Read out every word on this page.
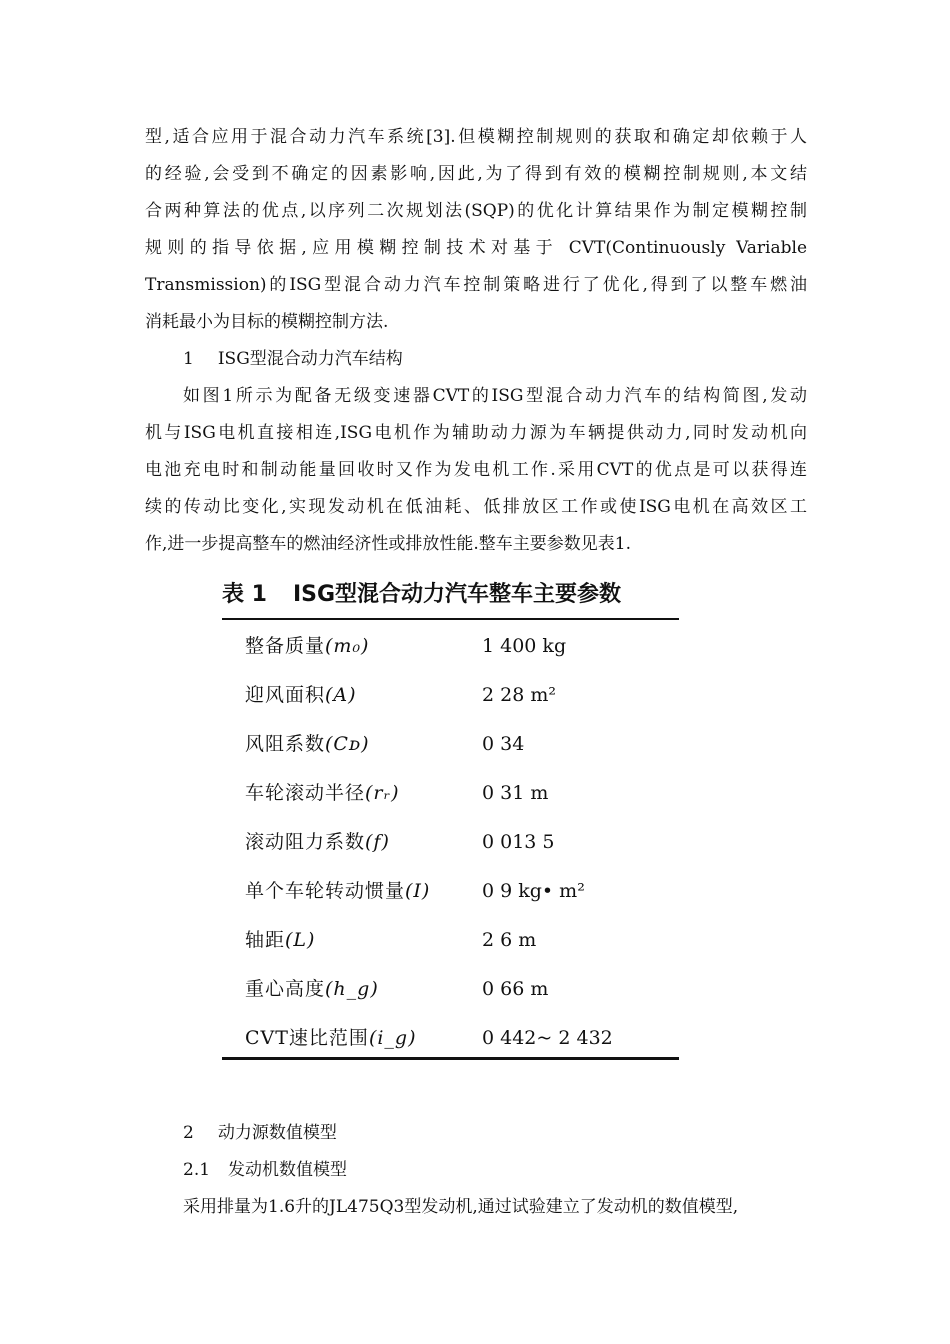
型,适合应用于混合动力汽车系统[3].但模糊控制规则的获取和确定却依赖于人
的经验,会受到不确定的因素影响,因此,为了得到有效的模糊控制规则,本文结
合两种算法的优点,以序列二次规划法(SQP)的优化计算结果作为制定模糊控制
规则的指导依据,应用模糊控制技术对基于 CVT(Continuously Variable
Transmission)的ISG型混合动力汽车控制策略进行了优化,得到了以整车燃油
消耗最小为目标的模糊控制方法.
1 ISG型混合动力汽车结构
如图1所示为配备无级变速器CVT的ISG型混合动力汽车的结构简图,发动
机与ISG电机直接相连,ISG电机作为辅助动力源为车辆提供动力,同时发动机向
电池充电时和制动能量回收时又作为发电机工作.采用CVT的优点是可以获得连
续的传动比变化,实现发动机在低油耗、低排放区工作或使ISG电机在高效区工
作,进一步提高整车的燃油经济性或排放性能.整车主要参数见表1.
表 1 ISG型混合动力汽车整车主要参数
整备质量(m₀)	1 400 kg
迎风面积(A)	2 28 m²
风阻系数(Cᴅ)	0 34
车轮滚动半径(rᵣ)	0 31 m
滚动阻力系数(f)	0 013 5
单个车轮转动惯量(I)	0 9 kg• m²
轴距(L)	2 6 m
重心高度(h_g)	0 66 m
CVT速比范围(i_g)	0 442~ 2 432
2 动力源数值模型
2.1 发动机数值模型
采用排量为1.6升的JL475Q3型发动机,通过试验建立了发动机的数值模型,
